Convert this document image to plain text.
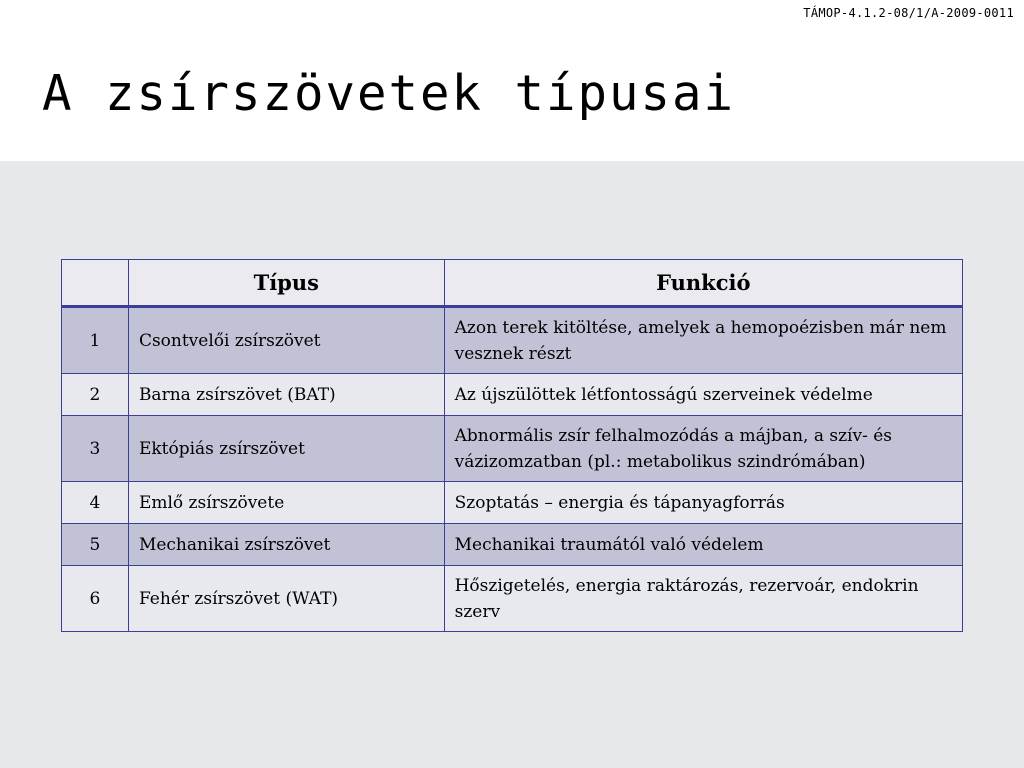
TÁMOP-4.1.2-08/1/A-2009-0011
A zsírszövetek típusai
	Típus	Funkció
1	Csontvelői zsírszövet	Azon terek kitöltése, amelyek a hemopoézisben már nem vesznek részt
2	Barna zsírszövet (BAT)	Az újszülöttek létfontosságú szerveinek védelme
3	Ektópiás zsírszövet	Abnormális zsír felhalmozódás a májban, a szív- és vázizomzatban (pl.: metabolikus szindrómában)
4	Emlő zsírszövete	Szoptatás – energia és tápanyagforrás
5	Mechanikai zsírszövet	Mechanikai traumától való védelem
6	Fehér zsírszövet (WAT)	Hőszigetelés, energia raktározás, rezervoár, endokrin szerv
